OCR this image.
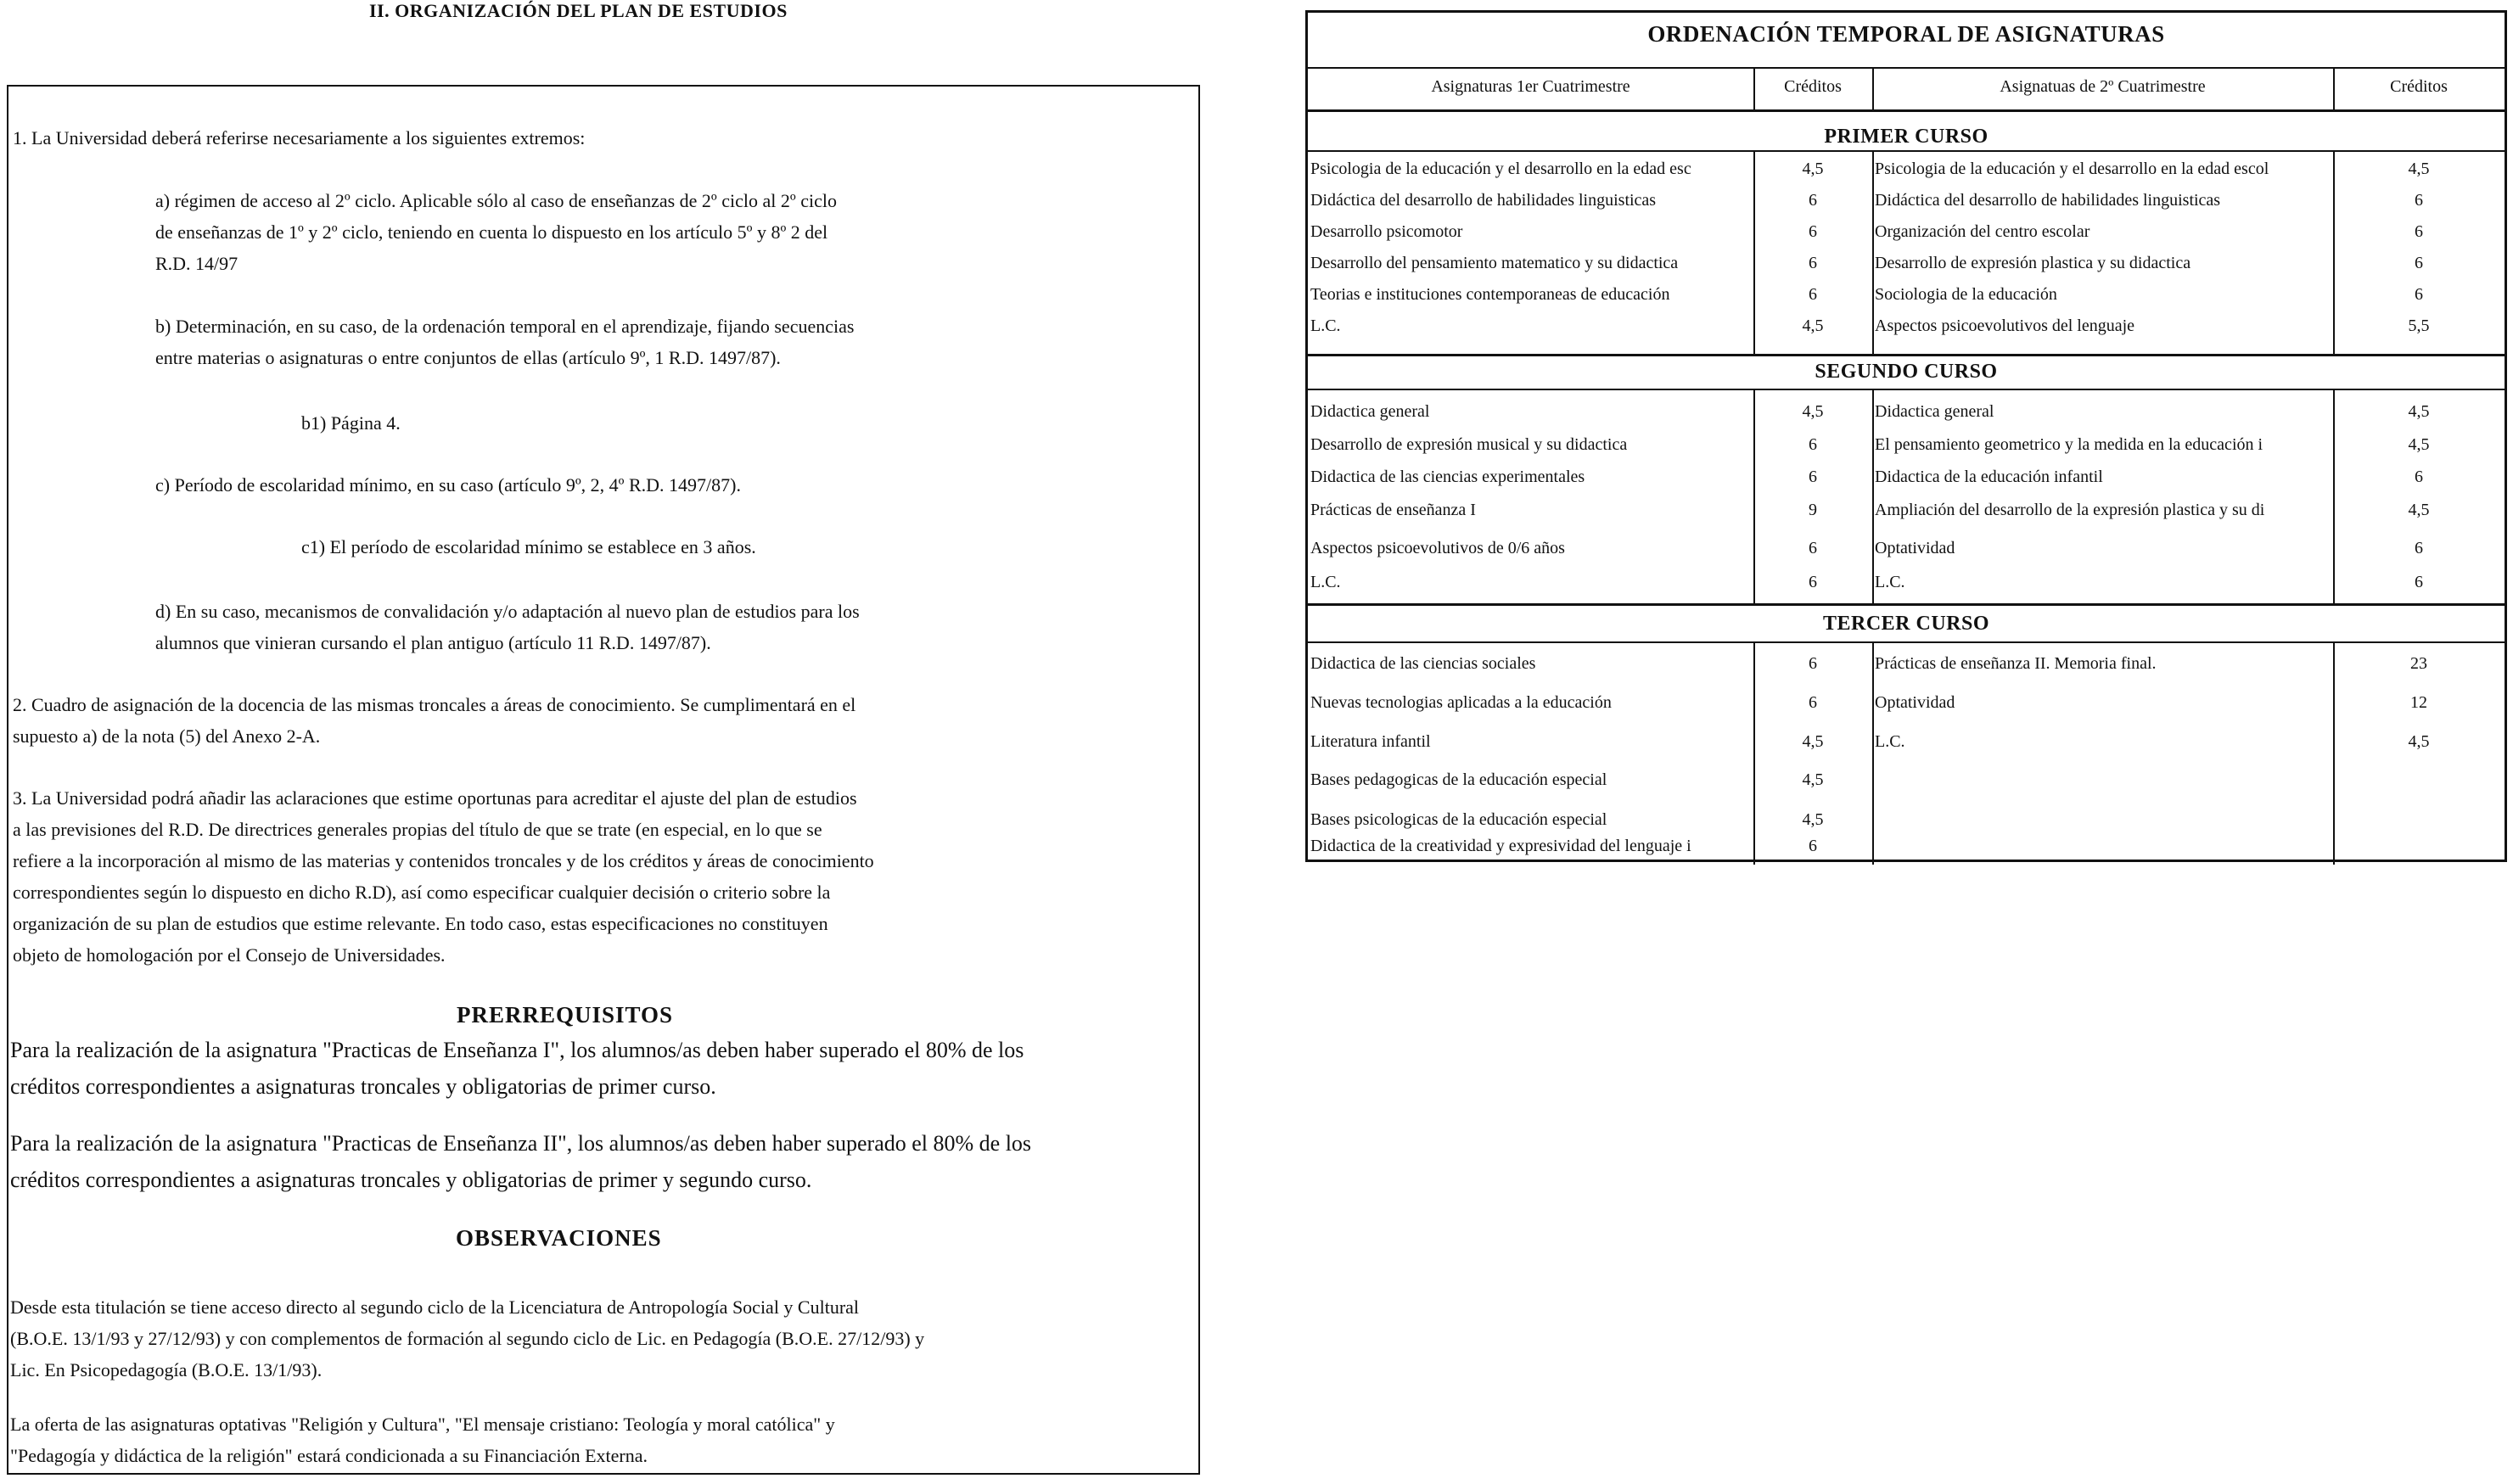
II. ORGANIZACIÓN DEL PLAN DE ESTUDIOS
1. La Universidad deberá referirse necesariamente a los siguientes extremos:
a) régimen de acceso al 2º ciclo. Aplicable sólo al caso de enseñanzas de 2º ciclo al 2º ciclo
de enseñanzas de 1º y 2º ciclo, teniendo en cuenta lo dispuesto en los artículo 5º y 8º 2 del
R.D. 14/97
b) Determinación, en su caso, de la ordenación temporal en el aprendizaje, fijando secuencias
entre materias o asignaturas o entre conjuntos de ellas (artículo 9º, 1 R.D. 1497/87).
b1) Página 4.
c) Período de escolaridad mínimo, en su caso (artículo 9º, 2, 4º R.D. 1497/87).
c1) El período de escolaridad mínimo se establece en 3 años.
d) En su caso, mecanismos de convalidación y/o adaptación al nuevo plan de estudios para los
alumnos que vinieran cursando el plan antiguo (artículo 11 R.D. 1497/87).
2. Cuadro de asignación de la docencia de las mismas troncales a áreas de conocimiento. Se cumplimentará en el
supuesto a) de la nota (5) del Anexo 2-A.
3. La Universidad podrá añadir las aclaraciones que estime oportunas para acreditar el ajuste del plan de estudios
a las previsiones del R.D. De directrices generales propias del título de que se trate (en especial, en lo que se
refiere a la incorporación al mismo de las materias y contenidos troncales y de los créditos y áreas de conocimiento
correspondientes según lo dispuesto en dicho R.D), así como especificar cualquier decisión o criterio sobre la
organización de su plan de estudios que estime relevante. En todo caso, estas especificaciones no constituyen
objeto de homologación por el Consejo de Universidades.
PRERREQUISITOS
Para la realización de la asignatura "Practicas de Enseñanza I", los alumnos/as deben haber superado el 80% de los
créditos correspondientes a asignaturas troncales y obligatorias de primer curso.
Para la realización de la asignatura "Practicas de Enseñanza II", los alumnos/as deben haber superado el 80% de los
créditos correspondientes a asignaturas troncales y obligatorias de primer y segundo curso.
OBSERVACIONES
Desde esta titulación se tiene acceso directo al segundo ciclo de la Licenciatura de Antropología Social y Cultural
(B.O.E. 13/1/93 y 27/12/93) y con complementos de formación al segundo ciclo de Lic. en Pedagogía (B.O.E. 27/12/93) y
Lic. En Psicopedagogía (B.O.E. 13/1/93).
La oferta de las asignaturas optativas "Religión y Cultura", "El mensaje cristiano: Teología y moral católica" y
"Pedagogía y didáctica de la religión" estará condicionada a su Financiación Externa.
ORDENACIÓN TEMPORAL DE ASIGNATURAS
Asignaturas 1er Cuatrimestre	Créditos	Asignatuas de 2º Cuatrimestre	Créditos
PRIMER CURSO
Psicologia de la educación y el desarrollo en la edad esc	4,5	Psicologia de la educación y el desarrollo en la edad escol	4,5
Didáctica del desarrollo de habilidades linguisticas	6	Didáctica del desarrollo de habilidades linguisticas	6
Desarrollo psicomotor	6	Organización del centro escolar	6
Desarrollo del pensamiento matematico y su didactica	6	Desarrollo de expresión plastica y su didactica	6
Teorias e instituciones contemporaneas de educación	6	Sociologia de la educación	6
L.C.	4,5	Aspectos psicoevolutivos del lenguaje	5,5
SEGUNDO CURSO
Didactica general	4,5	Didactica general	4,5
Desarrollo de expresión musical y su didactica	6	El pensamiento geometrico y la medida en la educación i	4,5
Didactica de las ciencias experimentales	6	Didactica de la educación infantil	6
Prácticas de enseñanza I	9	Ampliación del desarrollo de la expresión plastica y su di	4,5
Aspectos psicoevolutivos de 0/6 años	6	Optatividad	6
L.C.	6	L.C.	6
TERCER CURSO
Didactica de las ciencias sociales	6	Prácticas de enseñanza II. Memoria final.	23
Nuevas tecnologias aplicadas a la educación	6	Optatividad	12
Literatura infantil	4,5	L.C.	4,5
Bases pedagogicas de la educación especial	4,5
Bases psicologicas de la educación especial	4,5
Didactica de la creatividad y expresividad del lenguaje i	6
